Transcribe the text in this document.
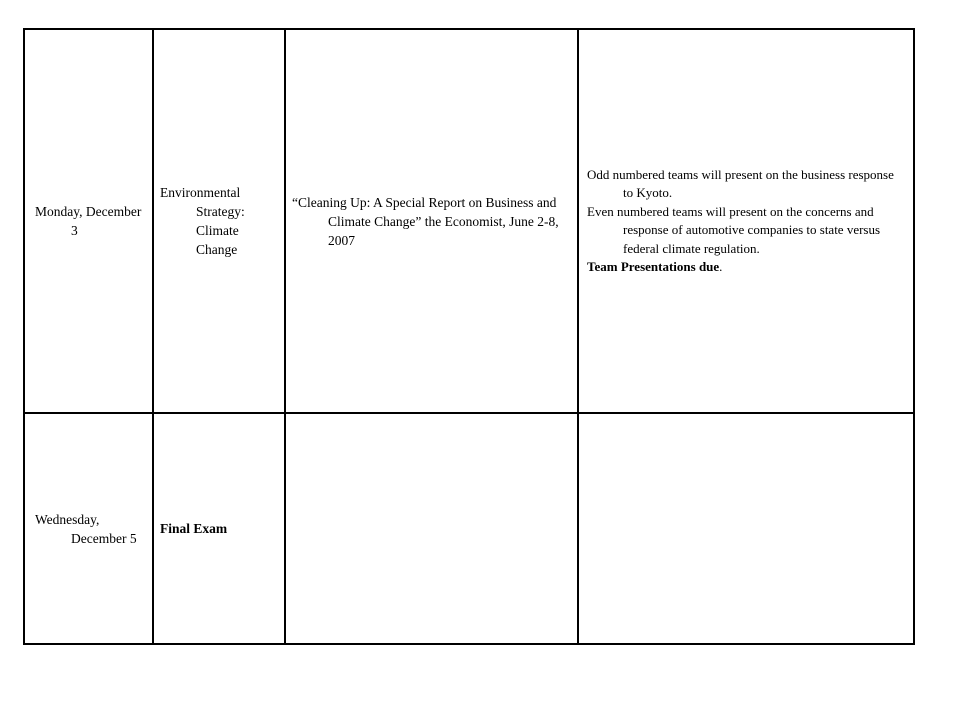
Monday, December 3	Environmental Strategy: Climate Change	“Cleaning Up: A Special Report on Business and Climate Change” the Economist, June 2-8, 2007	Odd numbered teams will present on the business response to Kyoto.
Even numbered teams will present on the concerns and response of automotive companies to state versus federal climate regulation.
Team Presentations due.

Wednesday, December 5	Final Exam		
